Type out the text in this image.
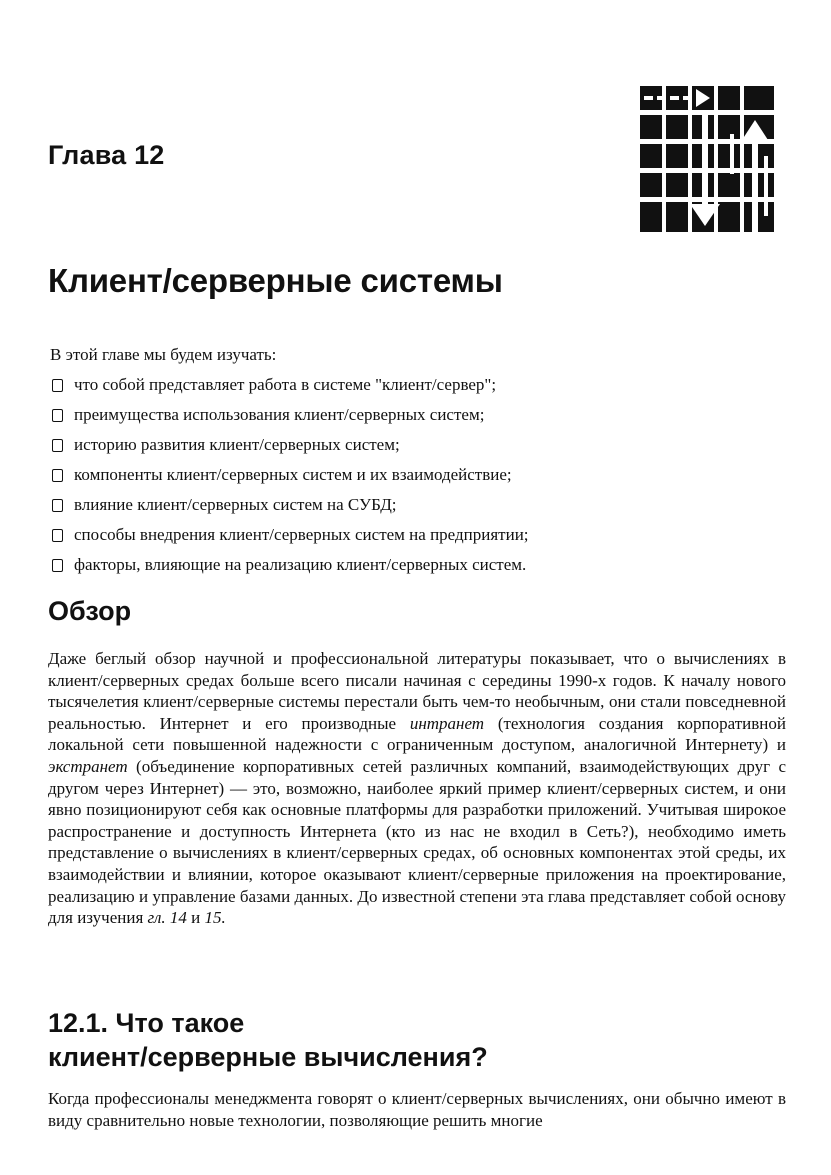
Глава 12
Клиент/серверные системы
В этой главе мы будем изучать:
что собой представляет работа в системе "клиент/сервер";
преимущества использования клиент/серверных систем;
историю развития клиент/серверных систем;
компоненты клиент/серверных систем и их взаимодействие;
влияние клиент/серверных систем на СУБД;
способы внедрения клиент/серверных систем на предприятии;
факторы, влияющие на реализацию клиент/серверных систем.
Обзор

Даже беглый обзор научной и профессиональной литературы показывает, что о вычислениях в клиент/серверных средах больше всего писали начиная с середины 1990-х годов. К началу нового тысячелетия клиент/серверные системы перестали быть чем-то необычным, они стали повседневной реальностью. Интернет и его производные интранет (технология создания корпоративной локальной сети повышенной надежности с ограниченным доступом, аналогичной Интернету) и экстранет (объединение корпоративных сетей различных компаний, взаимодействующих друг с другом через Интернет) — это, возможно, наиболее яркий пример клиент/серверных систем, и они явно позиционируют себя как основные платформы для разработки приложений. Учитывая широкое распространение и доступность Интернета (кто из нас не входил в Сеть?), необходимо иметь представление о вычислениях в клиент/серверных средах, об основных компонентах этой среды, их взаимодействии и влиянии, которое оказывают клиент/серверные приложения на проектирование, реализацию и управление базами данных. До известной степени эта глава представляет собой основу для изучения гл. 14 и 15.

12.1. Что такое
клиент/серверные вычисления?

Когда профессионалы менеджмента говорят о клиент/серверных вычислениях, они обычно имеют в виду сравнительно новые технологии, позволяющие решить многие
